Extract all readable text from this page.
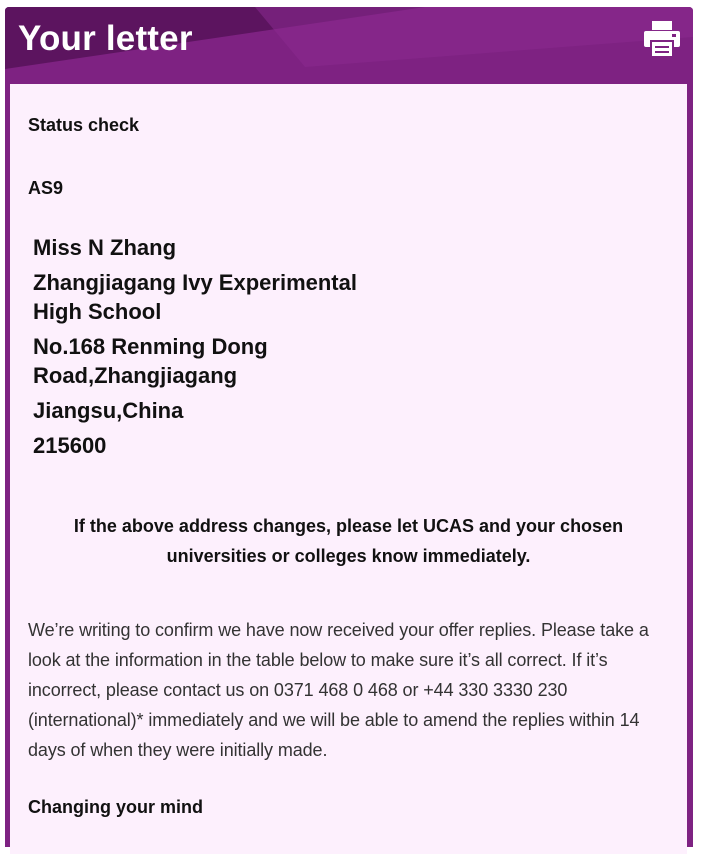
Your letter
Status check
AS9
Miss N Zhang
Zhangjiagang Ivy Experimental High School
No.168 Renming Dong Road,Zhangjiagang
Jiangsu,China
215600
If the above address changes, please let UCAS and your chosen universities or colleges know immediately.
We’re writing to confirm we have now received your offer replies. Please take a look at the information in the table below to make sure it’s all correct. If it’s incorrect, please contact us on 0371 468 0 468 or +44 330 3330 230 (international)* immediately and we will be able to amend the replies within 14 days of when they were initially made.
Changing your mind
